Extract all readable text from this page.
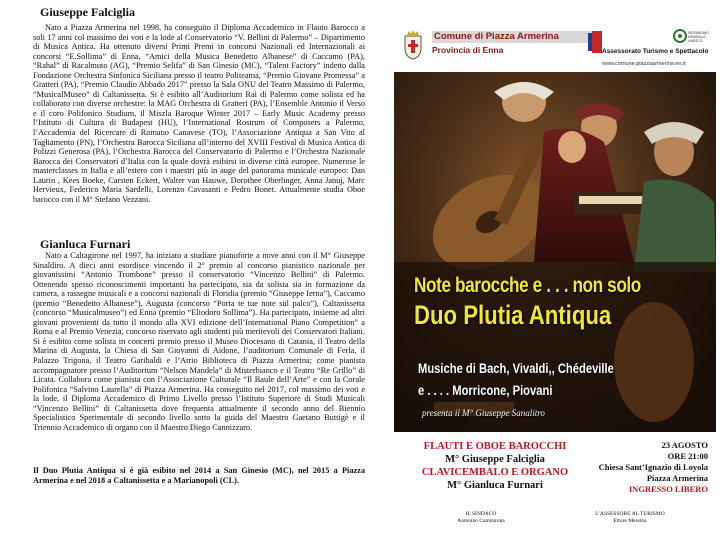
Giuseppe Falciglia
Nato a Piazza Armerina nel 1998, ha conseguito il Diploma Accademico in Flauto Barocco a soli 17 anni col massimo dei voti e la lode al Conservatorio “V. Bellini di Palermo” – Dipartimento di Musica Antica. Ha ottenuto diversi Primi Premi in concorsi Nazionali ed Internazionali ai concorsi “E.Sollima” di Enna, “Amici della Musica Benedetto Albanese” di Caccamo (PA), “Rahal” di Racalmuto (AG), “Premio Selifa” di San Ginesio (MC), “Talent Factory” indetto dalla Fondazione Orchestra Sinfonica Siciliana presso il teatro Politeama, “Premio Giovane Promessa” a Gratteri (PA), “Premio Claudio Abbado 2017” presso la Sala ONU del Teatro Massimo di Palermo, “MusicalMuseo” di Caltanissetta. Si è esibito all’Auditorium Rai di Palermo come solista ed ha collaborato con diverse orchestre: la MAG Orchestra di Gratteri (PA), l’Ensemble Antonio il Verso e il coro Polifonico Studium, il Miszla Baroque Winter 2017 – Early Music Academy presso l’Istituto di Cultura di Budapest (HU), l’International Rostrum of Composers a Palermo, l’Accademia del Ricercare di Romano Canavese (TO), l’Associazione Antiqua a San Vito al Tagliamento (PN), l’Orchestra Barocca Siciliana all’interno del XVIII Festival di Musica Antica di Polizzi Generosa (PA), l’Orchestra Barocca del Conservatorio di Palermo e l’Orchestra Nazionale Barocca dei Conservatori d’Italia con la quale dovrà esibirsi in diverse città europee. Numerose le masterclasses in Italia e all’estero con i maestri più in auge del panorama musicale europeo: Dan Laurin , Kees Boeke, Carsten Eckert, Walter van Hauwe, Dorothee Oberlinger, Anna Januj, Marc Hervieux, Federico Maria Sardelli, Lorenzo Cavasanti e Pedro Bonet. Attualmente studia Oboe barocco con il M° Stefano Vezzani.
Gianluca Furnari
Nato a Caltagirone nel 1997, ha iniziato a studiare pianoforte a nove anni con il M° Giuseppe Sinaldiro. A dieci anni esordisce vincendo il 2° premio al concorso pianistico nazionale per giovanissimi “Antonio Trombone” presso il conservatorio “Vincenzo Bellini” di Palermo. Ottenendo spesso riconoscimenti importanti ha partecipato, sia da solista sia in formazione da camera, a rassegne musicali e a concorsi nazionali di Floridia (premio “Giuseppe Ierna”), Caccamo (premio “Benedetto Albanese”), Augusta (concorso “Porta te tue note sul palco”), Caltanissetta (concorso “Musicalmuseo”) ed Enna (premio “Eliodoro Sollima”). Ha partecipato, insieme ad altri giovani provenienti da tutto il mondo alla XVI edizione dell’International Piano Competition” a Roma e al Premio Venezia, concorso riservato agli studenti più meritevoli dei Conservatori Italiani. Si è esibito come solista in concerti premio presso il Museo Diocesano di Catania, il Teatro della Marina di Augusta, la Chiesa di San Giovanni di Aidone, l’auditorium Comunale di Ferla, il Palazzo Trigona, il Teatro Garibaldi e l’Atrio Biblioteca di Piazza Armerina; come pianista accompagnatore presso l’Auditorium “Nelson Mandela” di Misterbianco e il Teatro “Re Grillo” di Licata. Collabora come pianista con l’Associazione Culturale “Il Baule dell’Arte” e con la Corale Polifonica “Salvino Laurella” di Piazza Armerina. Ha conseguito nel 2017, col massimo dei voti e la lode, il Diploma Accademico di Primo Livello presso l’Istituto Superiore di Studi Musicali “Vincenzo Bellini” di Caltanissetta dove frequenta attualmente il secondo anno del Biennio Specialistico Sperimentale di secondo livello sotto la guida del Maestro Gaetano Buttigè e il Triennio Accademico di organo con il Maestro Diego Cannizzaro.
Il Duo Plutia Antiqua si è già esibito nel 2014 a San Ginesio (MC), nel 2015 a Piazza Armerina e nel 2018 a Caltanissetta e a Marianopoli (CL).
Comune di Piazza Armerina
Provincia di Enna
PATRIMONIO
MONDIALE
UNESCO
Assessorato Turismo e Spettacolo
www.comune.piazzaarmerina.en.it
Note barocche e . . . non solo
Duo Plutia Antiqua
Musiche di Bach, Vivaldi,, Chédeville
e . . . . Morricone, Piovani
presenta il M° Giuseppe Sanalitro
FLAUTI E OBOE BAROCCHI
M° Giuseppe Falciglia
CLAVICEMBALO E ORGANO
M° Gianluca Furnari
23 AGOSTO
ORE 21:00
Chiesa Sant’Ignazio di Loyola
Piazza Armerina
INGRESSO LIBERO
IL SINDACO
Antonino Cammarata
L’ASSESSORE AL TURISMO
Ettore Messina
